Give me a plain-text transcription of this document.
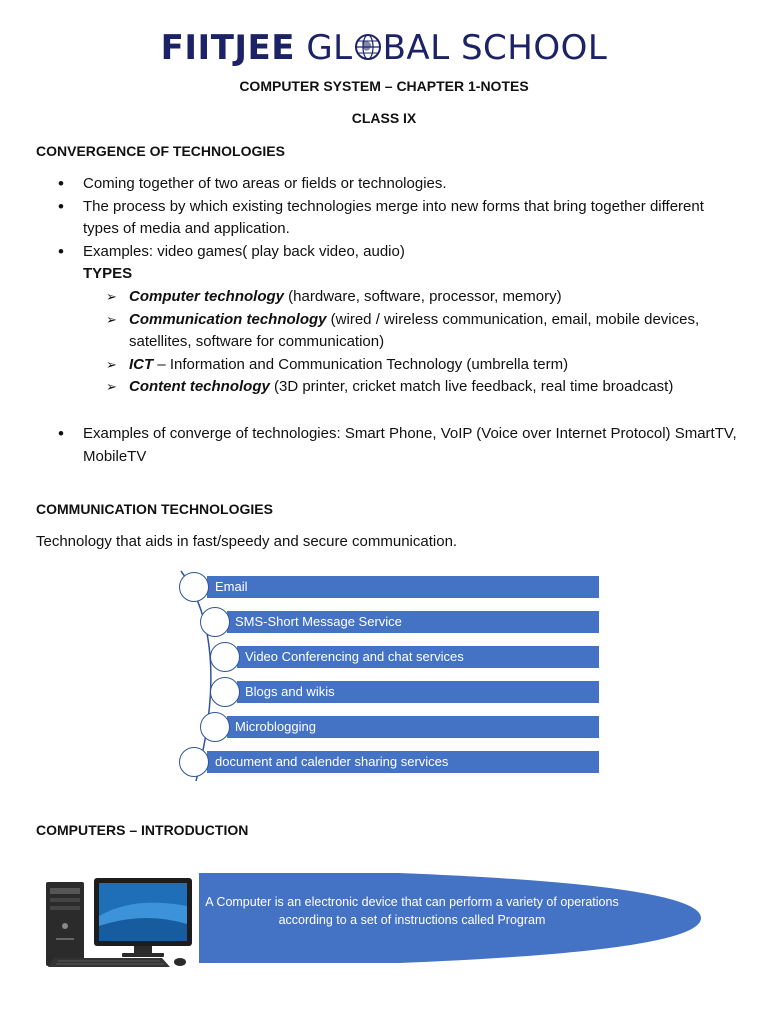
FIITJEE GL BAL SCHOOL
COMPUTER SYSTEM – CHAPTER 1-NOTES
CLASS IX
CONVERGENCE OF TECHNOLOGIES
• Coming together of two areas or fields or technologies.
• The process by which existing technologies merge into new forms that bring together different types of media and application.
• Examples: video games( play back video, audio)
TYPES
➢ Computer technology (hardware, software, processor, memory)
➢ Communication technology (wired / wireless communication, email, mobile devices, satellites, software for communication)
➢ ICT – Information and Communication Technology (umbrella term)
➢ Content technology (3D printer, cricket match live feedback, real time broadcast)
• Examples of converge of technologies: Smart Phone, VoIP (Voice over Internet Protocol) SmartTV, MobileTV
COMMUNICATION TECHNOLOGIES
Technology that aids in fast/speedy and secure communication.
Email
SMS-Short Message Service
Video Conferencing and chat services
Blogs and wikis
Microblogging
document and calender sharing services
COMPUTERS – INTRODUCTION
A Computer is an electronic device that can perform a variety of operations according to a set of instructions called Program
